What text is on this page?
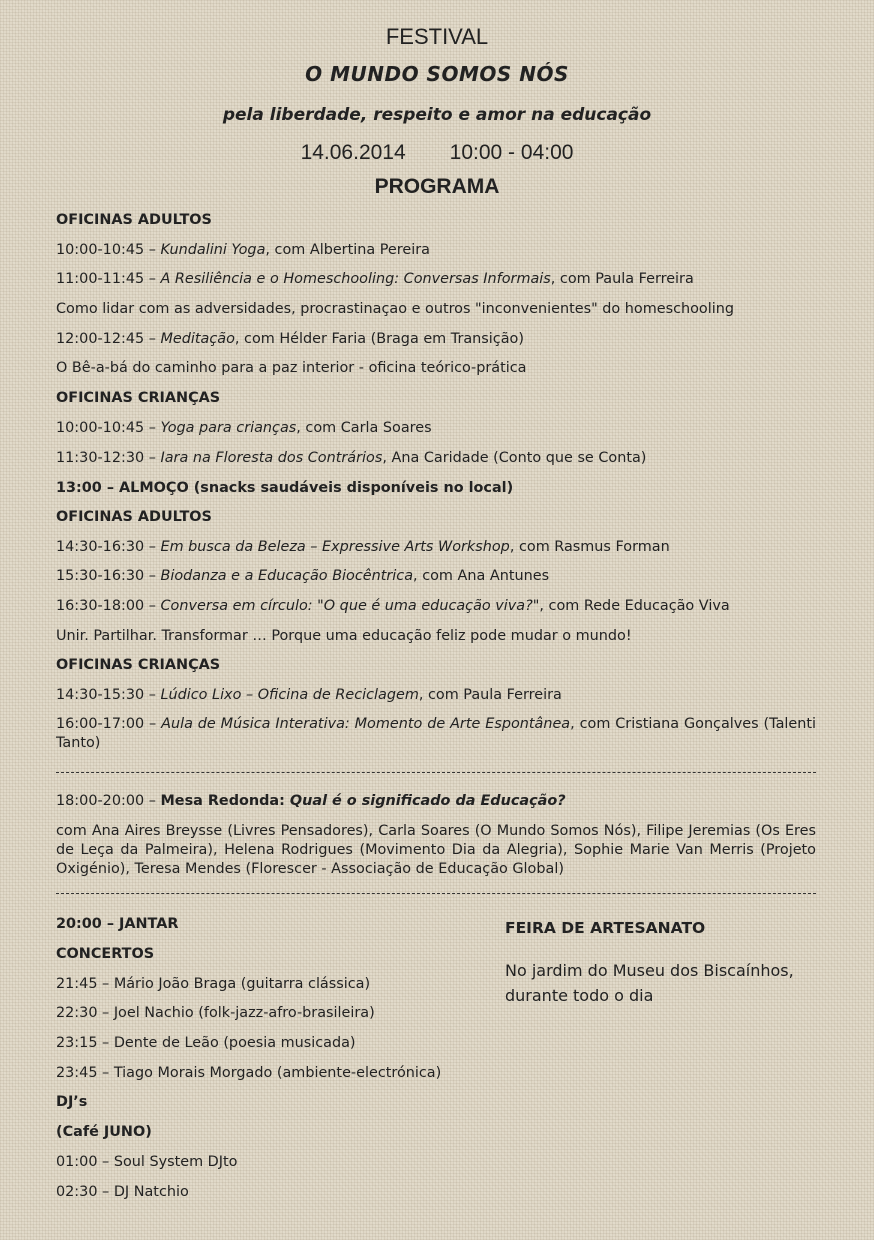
FESTIVAL
O MUNDO SOMOS NÓS
pela liberdade, respeito e amor na educação
14.06.2014 10:00 - 04:00
PROGRAMA
OFICINAS ADULTOS
10:00-10:45 – Kundalini Yoga, com Albertina Pereira
11:00-11:45 – A Resiliência e o Homeschooling: Conversas Informais, com Paula Ferreira
Como lidar com as adversidades, procrastinaçao e outros "inconvenientes" do homeschooling
12:00-12:45 – Meditação, com Hélder Faria (Braga em Transição)
O Bê-a-bá do caminho para a paz interior - oficina teórico-prática
OFICINAS CRIANÇAS
10:00-10:45 – Yoga para crianças, com Carla Soares
11:30-12:30 – Iara na Floresta dos Contrários, Ana Caridade (Conto que se Conta)
13:00 – ALMOÇO (snacks saudáveis disponíveis no local)
OFICINAS ADULTOS
14:30-16:30 – Em busca da Beleza – Expressive Arts Workshop, com Rasmus Forman
15:30-16:30 – Biodanza e a Educação Biocêntrica, com Ana Antunes
16:30-18:00 – Conversa em círculo: "O que é uma educação viva?", com Rede Educação Viva
Unir. Partilhar. Transformar … Porque uma educação feliz pode mudar o mundo!
OFICINAS CRIANÇAS
14:30-15:30 – Lúdico Lixo – Oficina de Reciclagem, com Paula Ferreira
16:00-17:00 – Aula de Música Interativa: Momento de Arte Espontânea, com Cristiana Gonçalves (Talenti Tanto)
18:00-20:00 – Mesa Redonda: Qual é o significado da Educação?
com Ana Aires Breysse (Livres Pensadores), Carla Soares (O Mundo Somos Nós), Filipe Jeremias (Os Eres de Leça da Palmeira), Helena Rodrigues (Movimento Dia da Alegria), Sophie Marie Van Merris (Projeto Oxigénio), Teresa Mendes (Florescer - Associação de Educação Global)
20:00 – JANTAR
CONCERTOS
21:45 – Mário João Braga (guitarra clássica)
22:30 – Joel Nachio (folk-jazz-afro-brasileira)
23:15 – Dente de Leão (poesia musicada)
23:45 – Tiago Morais Morgado (ambiente-electrónica)
DJ’s
(Café JUNO)
01:00 – Soul System DJto
02:30 – DJ Natchio
FEIRA DE ARTESANATO
No jardim do Museu dos Biscaínhos,
durante todo o dia
